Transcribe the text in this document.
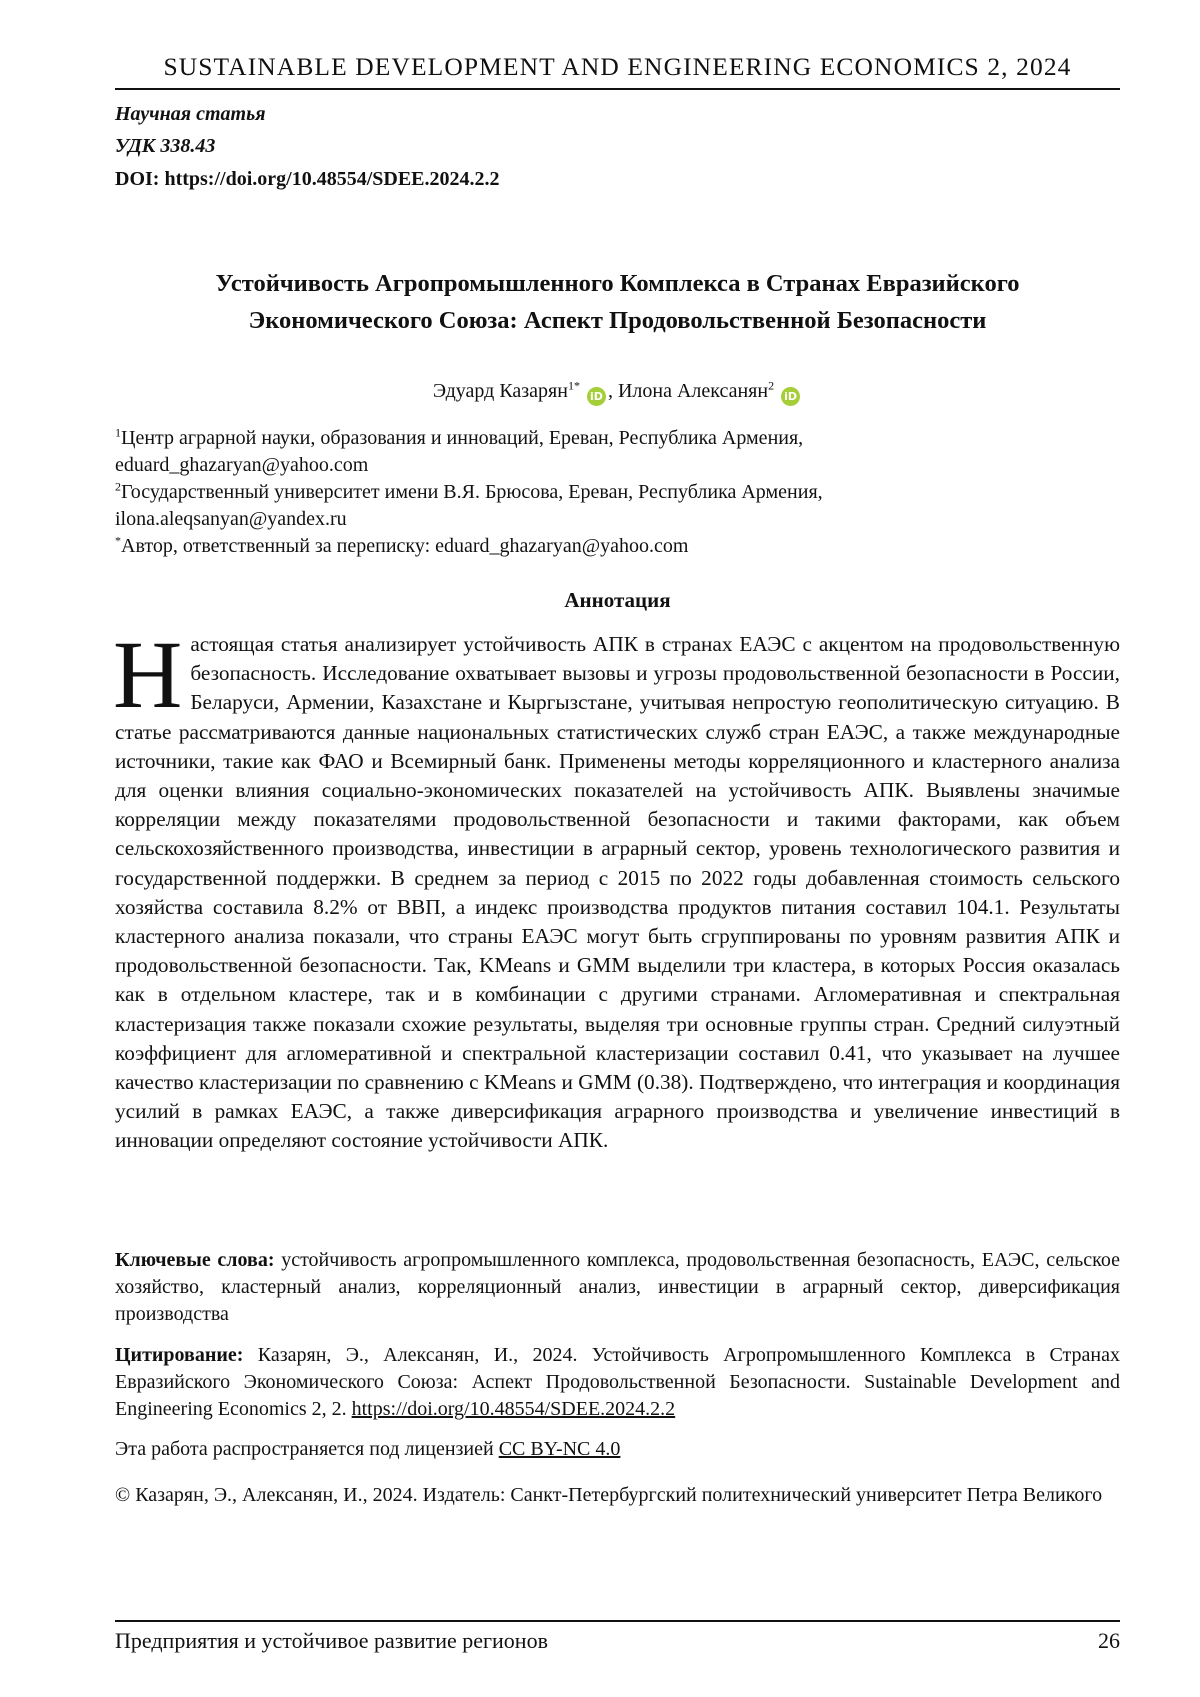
SUSTAINABLE DEVELOPMENT AND ENGINEERING ECONOMICS 2, 2024
Научная статья
УДК 338.43
DOI: https://doi.org/10.48554/SDEE.2024.2.2
Устойчивость Агропромышленного Комплекса в Странах Евразийского
Экономического Союза: Аспект Продовольственной Безопасности
Эдуард Казарян$^{1*}$ iD , Илона Алексанян$^2$ iD
$^1$Центр аграрной науки, образования и инноваций, Ереван, Республика Армения,
eduard_ghazaryan@yahoo.com
$^2$Государственный университет имени В.Я. Брюсова, Ереван, Республика Армения,
ilona.aleqsanyan@yandex.ru
*Автор, ответственный за переписку: eduard_ghazaryan@yahoo.com
Аннотация

Настоящая статья анализирует устойчивость АПК в странах ЕАЭС с акцентом на продовольственную безопасность. Исследование охватывает вызовы и угрозы продовольственной безопасности в России, Беларуси, Армении, Казахстане и Кыргызстане, учитывая непростую геополитическую ситуацию. В статье рассматриваются данные национальных статистических служб стран ЕАЭС, а также международные источники, такие как ФАО и Всемирный банк. Применены методы корреляционного и кластерного анализа для оценки влияния социально-экономических показателей на устойчивость АПК. Выявлены значимые корреляции между показателями продовольственной безопасности и такими факторами, как объем сельскохозяйственного производства, инвестиции в аграрный сектор, уровень технологического развития и государственной поддержки. В среднем за период с 2015 по 2022 годы добавленная стоимость сельского хозяйства составила 8.2% от ВВП, а индекс производства продуктов питания составил 104.1. Результаты кластерного анализа показали, что страны ЕАЭС могут быть сгруппированы по уровням развития АПК и продовольственной безопасности. Так, KMeans и GMM выделили три кластера, в которых Россия оказалась как в отдельном кластере, так и в комбинации с другими странами. Агломеративная и спектральная кластеризация также показали схожие результаты, выделяя три основные группы стран. Средний силуэтный коэффициент для агломеративной и спектральной кластеризации составил 0.41, что указывает на лучшее качество кластеризации по сравнению с KMeans и GMM (0.38). Подтверждено, что интеграция и координация усилий в рамках ЕАЭС, а также диверсификация аграрного производства и увеличение инвестиций в инновации определяют состояние устойчивости АПК.

Ключевые слова: устойчивость агропромышленного комплекса, продовольственная безопасность, ЕАЭС, сельское хозяйство, кластерный анализ, корреляционный анализ, инвестиции в аграрный сектор, диверсификация производства

Цитирование: Казарян, Э., Алексанян, И., 2024. Устойчивость Агропромышленного Комплекса в Странах Евразийского Экономического Союза: Аспект Продовольственной Безопасности. Sustainable Development and Engineering Economics 2, 2. https://doi.org/10.48554/SDEE.2024.2.2

Эта работа распространяется под лицензией CC BY-NC 4.0

© Казарян, Э., Алексанян, И., 2024. Издатель: Санкт-Петербургский политехнический университет Петра Великого

Предприятия и устойчивое развитие регионов	26
